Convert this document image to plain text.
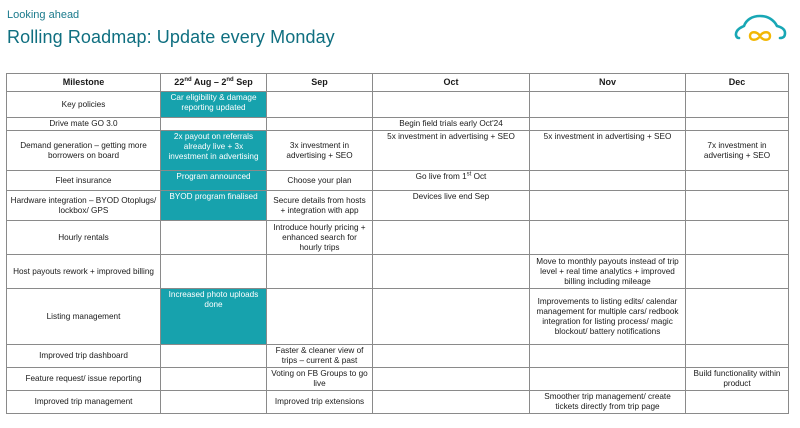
Looking ahead
Rolling Roadmap: Update every Monday
Milestone	22nd Aug – 2nd Sep	Sep	Oct	Nov	Dec
Key policies	Car eligibility & damage reporting updated				
Drive mate GO 3.0			Begin field trials early Oct'24		
Demand generation – getting more borrowers on board	2x payout on referrals already live + 3x investment in advertising	3x investment in advertising + SEO	5x investment in advertising + SEO	5x investment in advertising + SEO	7x investment in advertising + SEO
Fleet insurance	Program announced	Choose your plan	Go live from 1st Oct		
Hardware integration – BYOD Otoplugs/ lockbox/ GPS	BYOD program finalised	Secure details from hosts + integration with app	Devices live end Sep		
Hourly rentals		Introduce hourly pricing + enhanced search for hourly trips			
Host payouts rework + improved billing				Move to monthly payouts instead of trip level + real time analytics + improved billing including mileage	
Listing management	Increased photo uploads done			Improvements to listing edits/ calendar management for multiple cars/ redbook integration for listing process/ magic blockout/ battery notifications	
Improved trip dashboard		Faster & cleaner view of trips – current & past			
Feature request/ issue reporting		Voting on FB Groups to go live			Build functionality within product
Improved trip management		Improved trip extensions		Smoother trip management/ create tickets directly from trip page	
